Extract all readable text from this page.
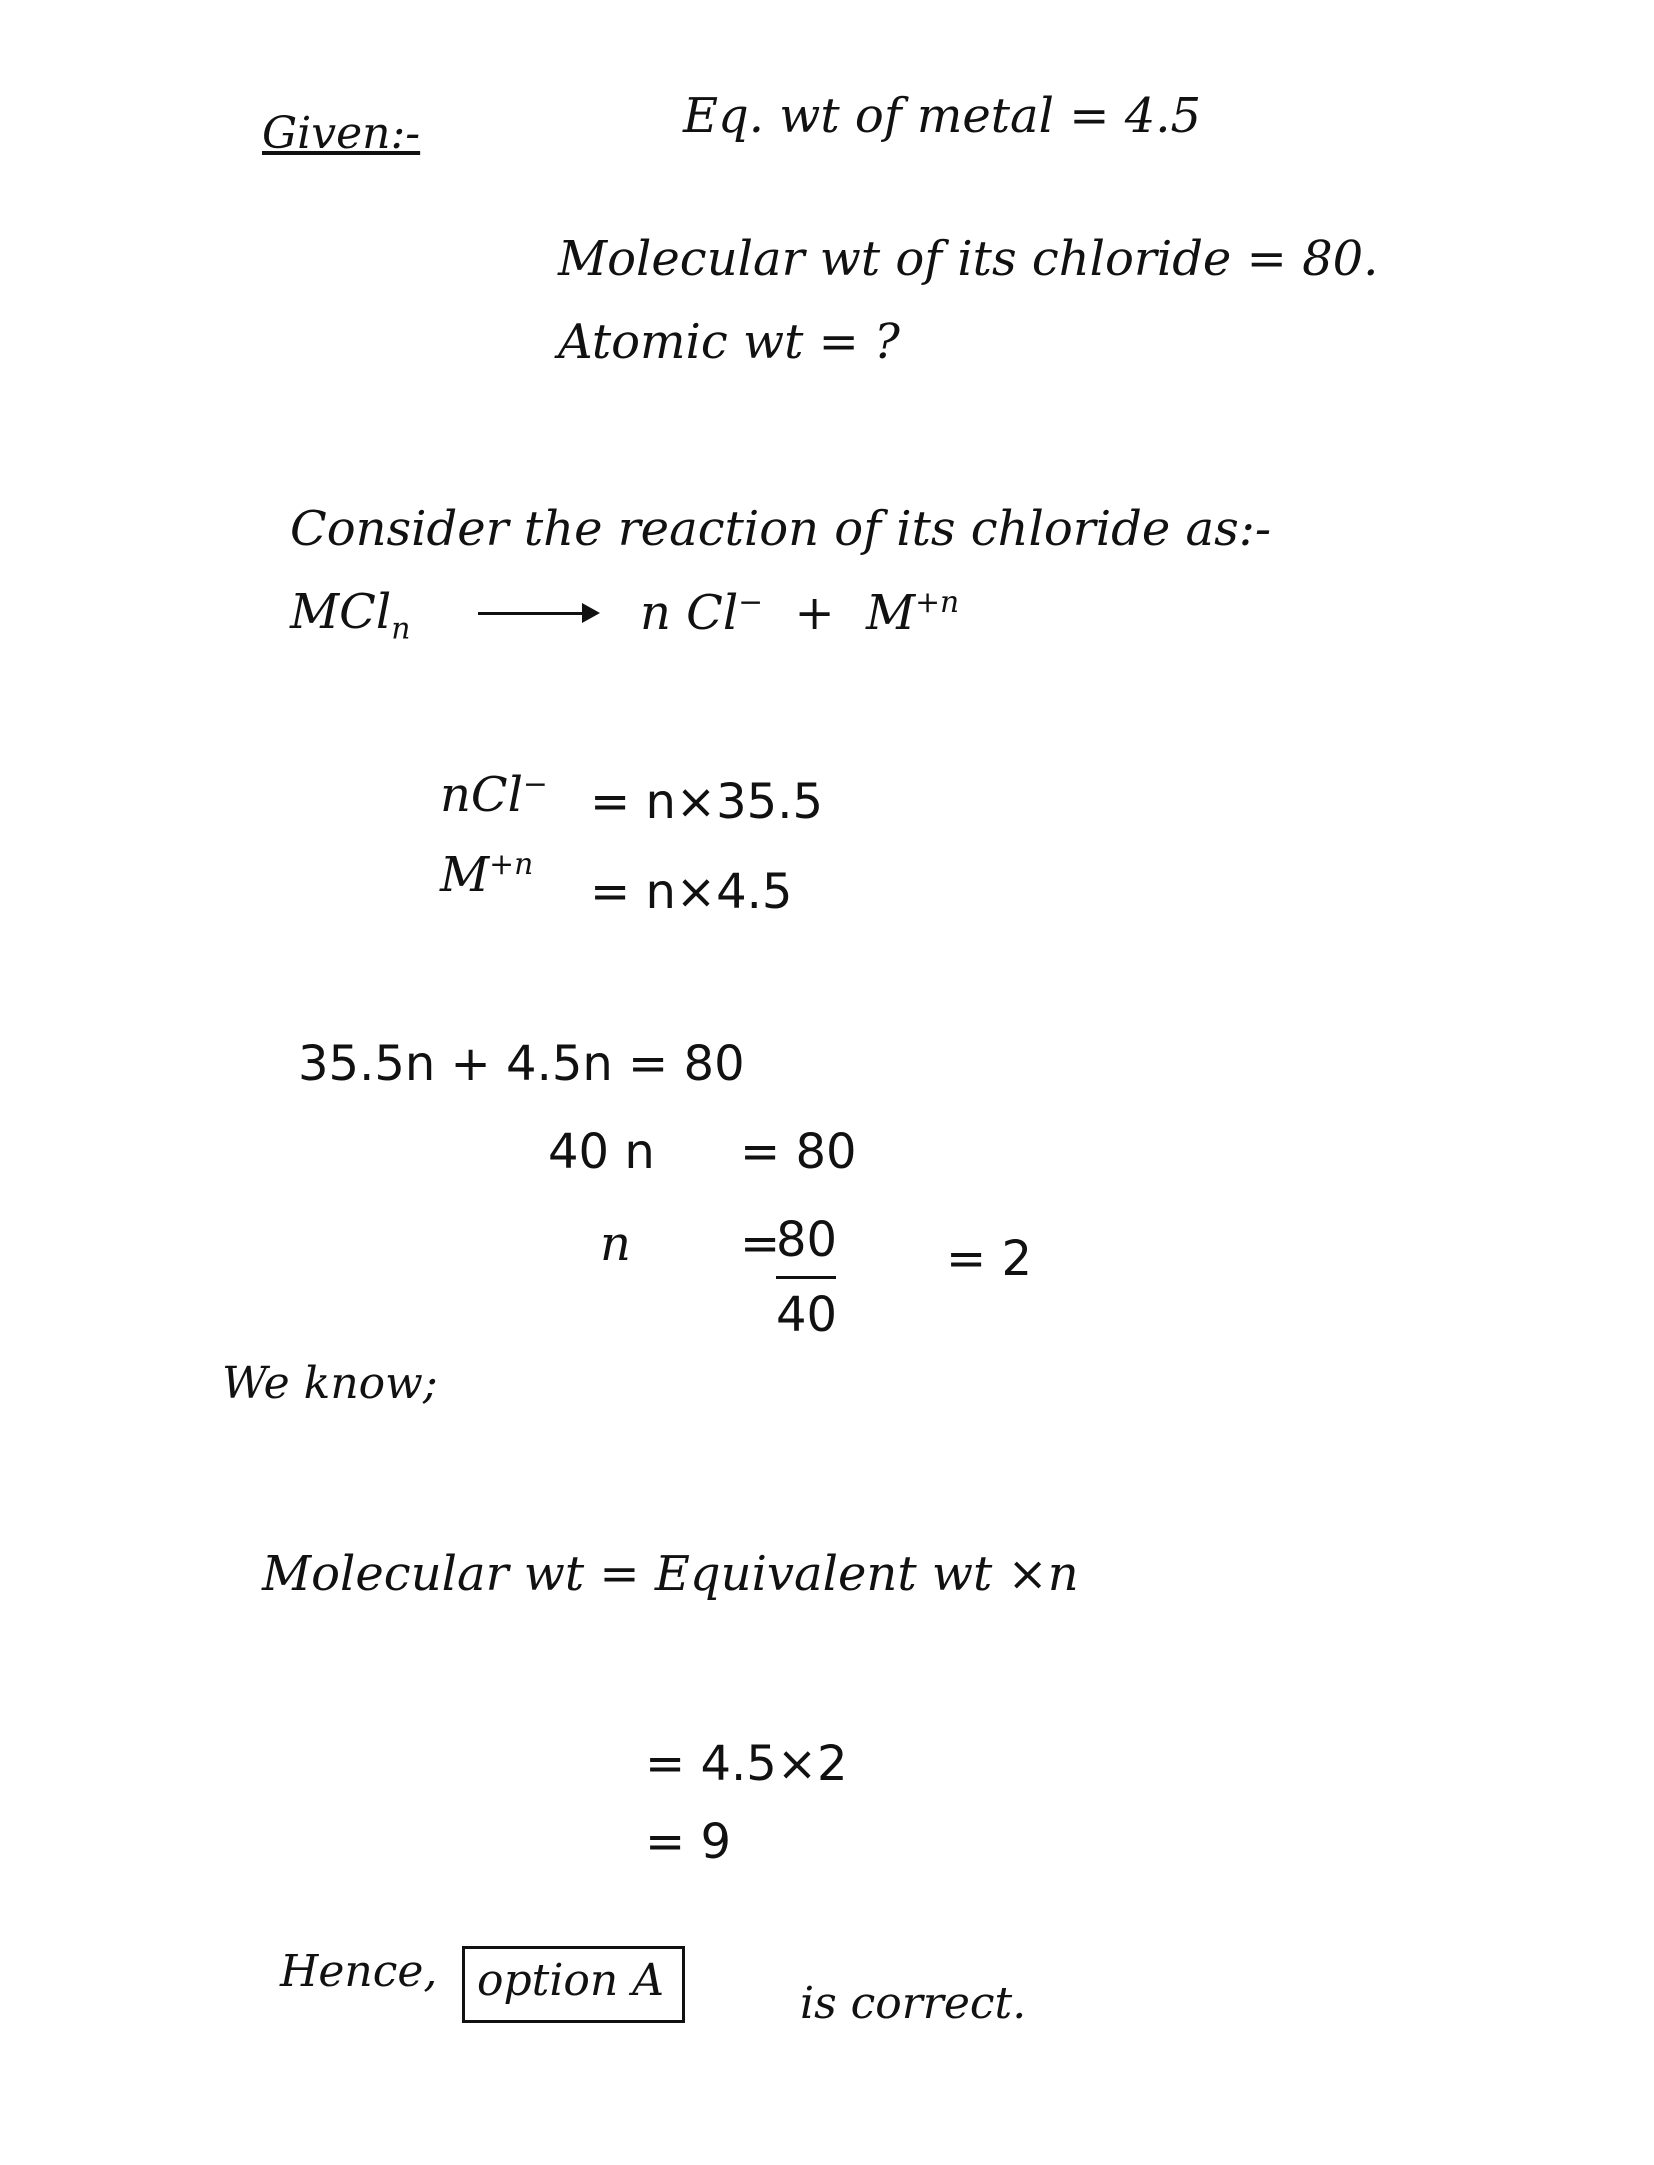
Given:-	Eq. wt of metal = 4.5
Molecular wt of its chloride = 80.
Atomic wt = ?
Consider the reaction of its chloride as:-
MCl$_n$	n $Cl^- + M^{+n}$
nCl− = n×35.5
$M^{+n} = n\times 4.5$
35.5n + 4.5n = 80
40 n = 80
n =
80
40
= 2
We know;
Molecular wt = Equivalent wt ×n
= 4.5×2
= 9
Hence, option A	is correct.
